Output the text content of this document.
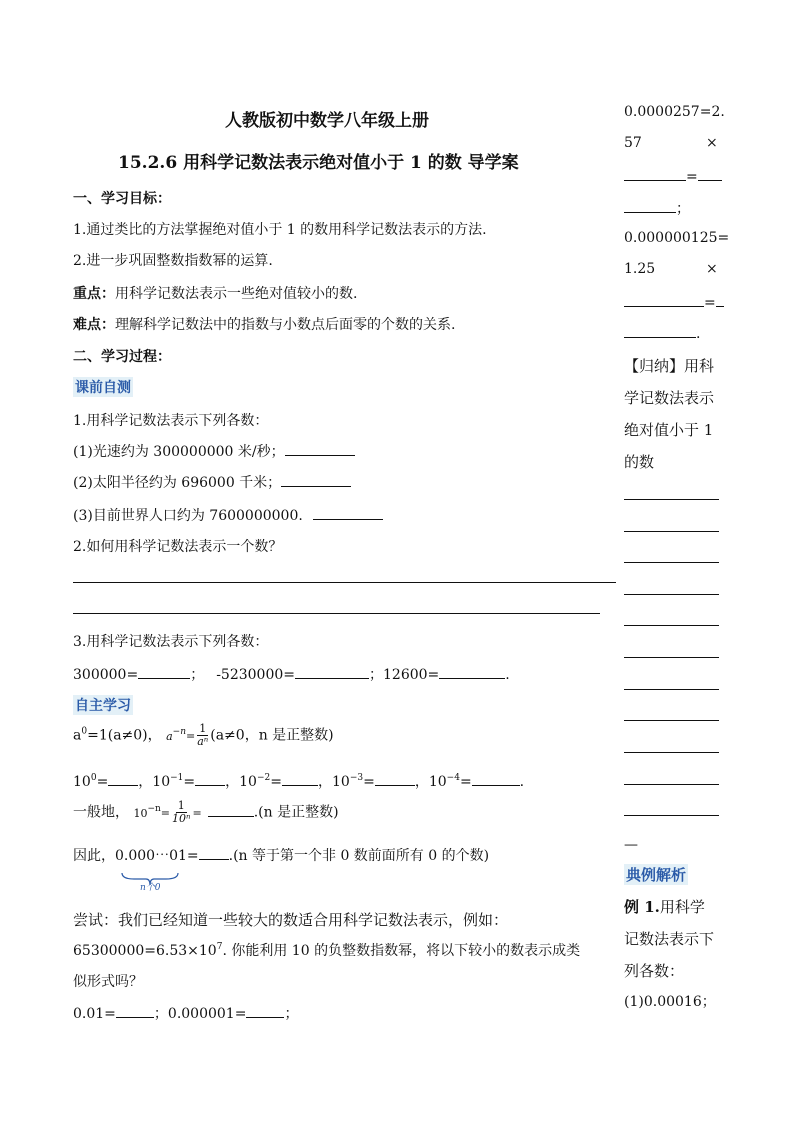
人教版初中数学八年级上册
15.2.6 用科学记数法表示绝对值小于 1 的数 导学案
一、学习目标：
1.通过类比的方法掌握绝对值小于 1 的数用科学记数法表示的方法.
2.进一步巩固整数指数幂的运算.
重点：用科学记数法表示一些绝对值较小的数.
难点：理解科学记数法中的指数与小数点后面零的个数的关系.
二、学习过程：
课前自测
1.用科学记数法表示下列各数：
(1)光速约为 300000000 米/秒；
(2)太阳半径约为 696000 千米；
(3)目前世界人口约为 7600000000.
2.如何用科学记数法表示一个数？
3.用科学记数法表示下列各数：
300000=	； -5230000=	；12600=	.
自主学习
$a^0=1(a\ne 0)$， $a^{-n}= \frac{1}{\text{aⁿ}} (a\ne 0$，n 是正整数)
$10^0=$ ，$10^{-1}=$ ，$10^{-2}=$	，$10^{-3}=$	，$10^{-4}=$	.
一般地， $10^{-n}= \frac{1}{\text{10ⁿ}}$ =	.(n 是正整数)
因此，0.000⋯01= .(n 等于第一个非 0 数前面所有 0 的个数)
n个0
尝试：我们已经知道一些较大的数适合用科学记数法表示，例如：
$65300000=6.53\times 10^7$. 你能利用 10 的负整数指数幂，将以下较小的数表示成类
似形式吗？
0.01=	；0.000001=	；
0.0000257=2.
57	×
=
；
0.000000125=
1.25	×
=
.
【归纳】用科
学记数法表示
绝对值小于 1
的数
—
典例解析
例 1.用科学
记数法表示下
列各数：
(1)0.00016；
